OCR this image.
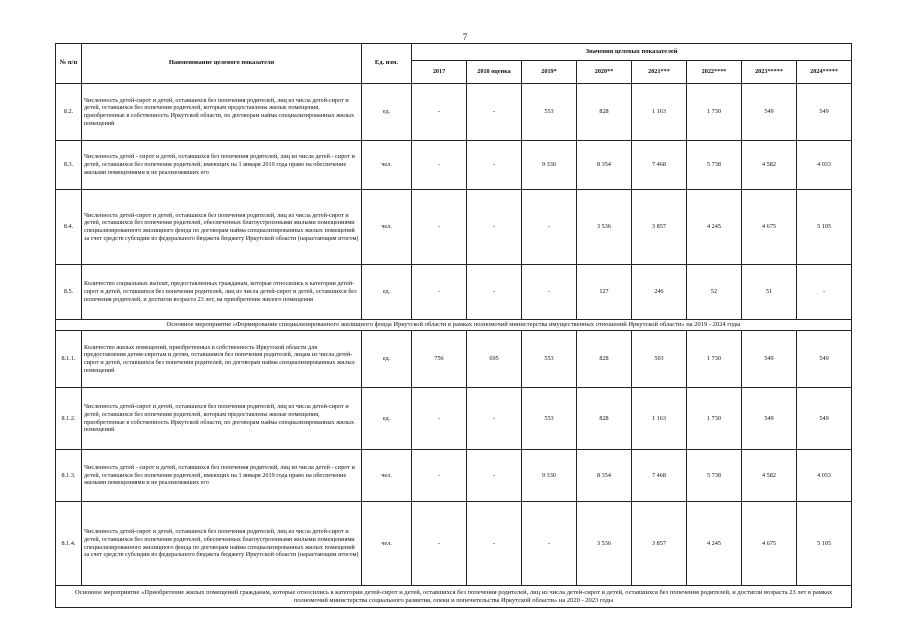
7
№ п/п	Наименование целевого показателя	Ед. изм.	Значения целевых показателей							
			2017	2018 оценка	2019*	2020**	2021***	2022****	2023*****	2024*****
8.2.	Численность детей-сирот и детей, оставшихся без попечения родителей, лиц из числа детей-сирот и детей, оставшихся без попечения родителей, которым предоставлены жилые помещения, приобретенные в собственность Иркутской области, по договорам найма специализированных жилых помещений	ед.	-	-	553	828	1 163	1 730	549	549
8.3.	Численность детей - сирот и детей, оставшихся без попечения родителей, лиц из числа детей - сирот и детей, оставшихся без попечения родителей, имеющих на 1 января 2019 года право на обеспечение жилыми помещениями и не реализовавших его	чел.	-	-	9 330	8 354	7 468	5 738	4 582	4 033
8.4.	Численность детей-сирот и детей, оставшихся без попечения родителей, лиц из числа детей-сирот и детей, оставшихся без попечения родителей, обеспеченных благоустроенными жилыми помещениями специализированного жилищного фонда по договорам найма специализированных жилых помещений за счет средств субсидии из федерального бюджета бюджету Иркутской области (нарастающим итогом)	чел.	-	-	-	3 536	3 857	4 245	4 675	5 105
8.5.	Количество социальных выплат, предоставленных гражданам, которые относились к категории детей-сирот и детей, оставшихся без попечения родителей, лиц из числа детей-сирот и детей, оставшихся без попечения родителей, и достигли возраста 23 лет, на приобретение жилого помещения	ед.	-	-	-	127	246	52	51	-
Основное мероприятие «Формирование специализированного жилищного фонда Иркутской области в рамках полномочий министерства имущественных отношений Иркутской области» на 2019 - 2024 годы										
8.1.1.	Количество жилых помещений, приобретенных в собственность Иркутской области для предоставления детям-сиротам и детям, оставшимся без попечения родителей, лицам из числа детей-сирот и детей, оставшихся без попечения родителей, по договорам найма специализированных жилых помещений	ед.	756	695	553	828	503	1 730	549	549
8.1.2.	Численность детей-сирот и детей, оставшихся без попечения родителей, лиц из числа детей-сирот и детей, оставшихся без попечения родителей, которым предоставлены жилые помещения, приобретенные в собственность Иркутской области, по договорам найма специализированных жилых помещений	ед.	-	-	553	828	1 163	1 730	549	549
8.1.3.	Численность детей - сирот и детей, оставшихся без попечения родителей, лиц из числа детей - сирот и детей, оставшихся без попечения родителей, имеющих на 1 января 2019 года право на обеспечение жилыми помещениями и не реализовавших его	чел.	-	-	9 330	8 354	7 468	5 738	4 582	4 033
8.1.4.	Численность детей-сирот и детей, оставшихся без попечения родителей, лиц из числа детей-сирот и детей, оставшихся без попечения родителей, обеспеченных благоустроенными жилыми помещениями специализированного жилищного фонда по договорам найма специализированных жилых помещений за счет средств субсидии из федерального бюджета бюджету Иркутской области (нарастающим итогом)	чел.	-	-	-	3 536	3 857	4 245	4 675	5 105
Основное мероприятие «Приобретение жилых помещений гражданам, которые относились к категории детей-сирот и детей, оставшихся без попечения родителей, лиц из числа детей-сирот и детей, оставшихся без попечения родителей, и достигли возраста 23 лет в рамках полномочий министерства социального развития, опеки и попечительства Иркутской области» на 2020 - 2023 годы										
